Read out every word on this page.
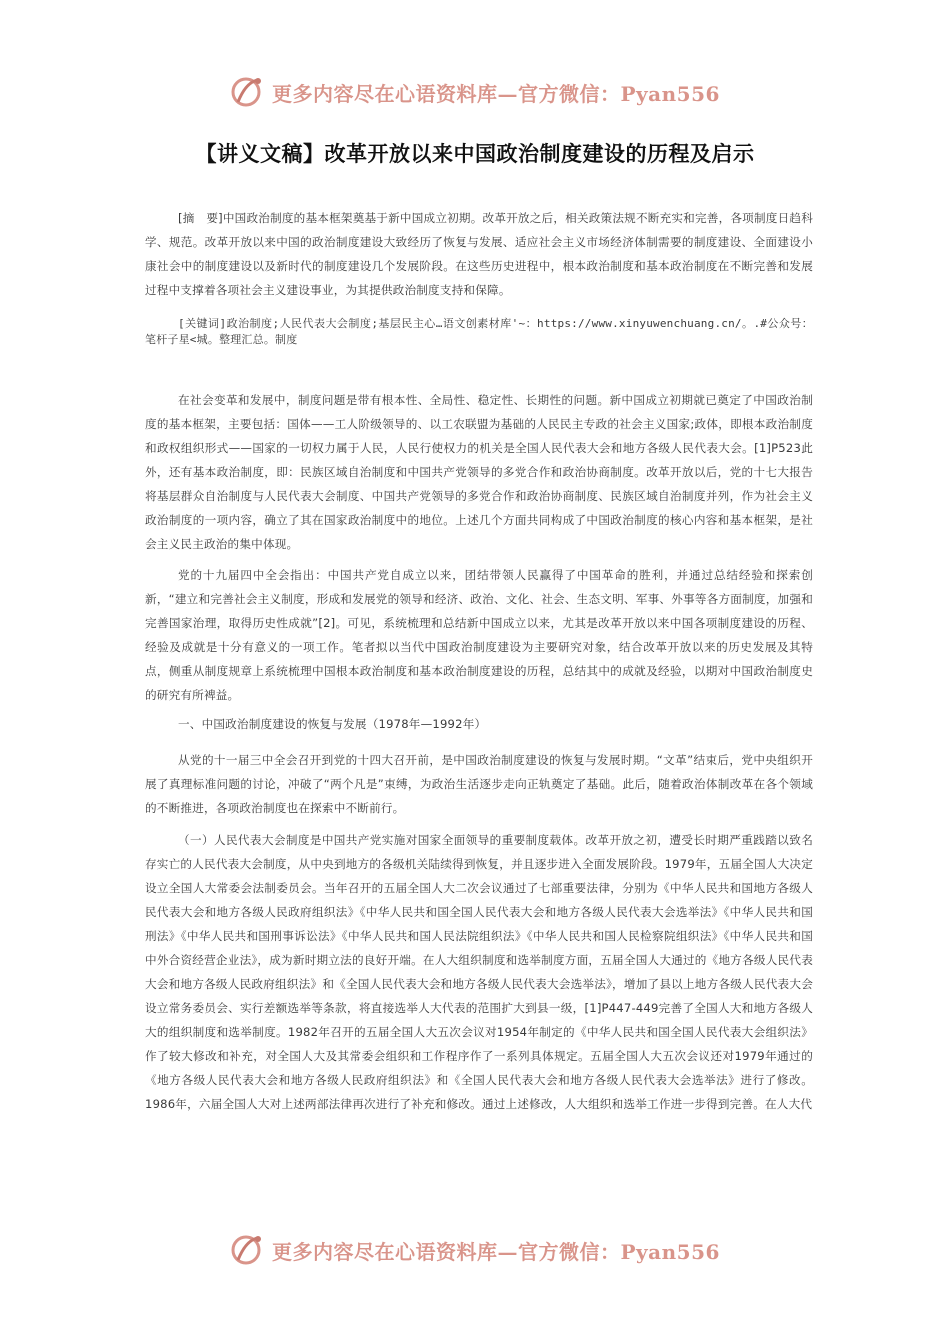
更多内容尽在心语资料库—官方微信：Pyan556
【讲义文稿】改革开放以来中国政治制度建设的历程及启示
[摘　要]中国政治制度的基本框架奠基于新中国成立初期。改革开放之后，相关政策法规不断充实和完善，各项制度日趋科学、规范。改革开放以来中国的政治制度建设大致经历了恢复与发展、适应社会主义市场经济体制需要的制度建设、全面建设小康社会中的制度建设以及新时代的制度建设几个发展阶段。在这些历史进程中，根本政治制度和基本政治制度在不断完善和发展过程中支撑着各项社会主义建设事业，为其提供政治制度支持和保障。
[关键词]政治制度;人民代表大会制度;基层民主心…语文创素材库'~：https://www.xinyuwenchuang.cn/。.#公众号：笔杆子星<城。整理汇总。制度
在社会变革和发展中，制度问题是带有根本性、全局性、稳定性、长期性的问题。新中国成立初期就已奠定了中国政治制度的基本框架，主要包括：国体——工人阶级领导的、以工农联盟为基础的人民民主专政的社会主义国家;政体，即根本政治制度和政权组织形式——国家的一切权力属于人民，人民行使权力的机关是全国人民代表大会和地方各级人民代表大会。[1]P523此外，还有基本政治制度，即：民族区域自治制度和中国共产党领导的多党合作和政治协商制度。改革开放以后，党的十七大报告将基层群众自治制度与人民代表大会制度、中国共产党领导的多党合作和政治协商制度、民族区域自治制度并列，作为社会主义政治制度的一项内容，确立了其在国家政治制度中的地位。上述几个方面共同构成了中国政治制度的核心内容和基本框架，是社会主义民主政治的集中体现。
党的十九届四中全会指出：中国共产党自成立以来，团结带领人民赢得了中国革命的胜利，并通过总结经验和探索创新，“建立和完善社会主义制度，形成和发展党的领导和经济、政治、文化、社会、生态文明、军事、外事等各方面制度，加强和完善国家治理，取得历史性成就”[2]。可见，系统梳理和总结新中国成立以来，尤其是改革开放以来中国各项制度建设的历程、经验及成就是十分有意义的一项工作。笔者拟以当代中国政治制度建设为主要研究对象，结合改革开放以来的历史发展及其特点，侧重从制度规章上系统梳理中国根本政治制度和基本政治制度建设的历程，总结其中的成就及经验，以期对中国政治制度史的研究有所裨益。
一、中国政治制度建设的恢复与发展（1978年—1992年）
从党的十一届三中全会召开到党的十四大召开前，是中国政治制度建设的恢复与发展时期。“文革”结束后，党中央组织开展了真理标准问题的讨论，冲破了“两个凡是”束缚，为政治生活逐步走向正轨奠定了基础。此后，随着政治体制改革在各个领域的不断推进，各项政治制度也在探索中不断前行。
（一）人民代表大会制度是中国共产党实施对国家全面领导的重要制度载体。改革开放之初，遭受长时期严重践踏以致名存实亡的人民代表大会制度，从中央到地方的各级机关陆续得到恢复，并且逐步进入全面发展阶段。1979年，五届全国人大决定设立全国人大常委会法制委员会。当年召开的五届全国人大二次会议通过了七部重要法律，分别为《中华人民共和国地方各级人民代表大会和地方各级人民政府组织法》《中华人民共和国全国人民代表大会和地方各级人民代表大会选举法》《中华人民共和国刑法》《中华人民共和国刑事诉讼法》《中华人民共和国人民法院组织法》《中华人民共和国人民检察院组织法》《中华人民共和国中外合资经营企业法》，成为新时期立法的良好开端。在人大组织制度和选举制度方面，五届全国人大通过的《地方各级人民代表大会和地方各级人民政府组织法》和《全国人民代表大会和地方各级人民代表大会选举法》，增加了县以上地方各级人民代表大会设立常务委员会、实行差额选举等条款，将直接选举人大代表的范围扩大到县一级，[1]P447-449完善了全国人大和地方各级人大的组织制度和选举制度。1982年召开的五届全国人大五次会议对1954年制定的《中华人民共和国全国人民代表大会组织法》作了较大修改和补充，对全国人大及其常委会组织和工作程序作了一系列具体规定。五届全国人大五次会议还对1979年通过的《地方各级人民代表大会和地方各级人民政府组织法》和《全国人民代表大会和地方各级人民代表大会选举法》进行了修改。1986年，六届全国人大对上述两部法律再次进行了补充和修改。通过上述修改，人大组织和选举工作进一步得到完善。在人大代
更多内容尽在心语资料库—官方微信：Pyan556
